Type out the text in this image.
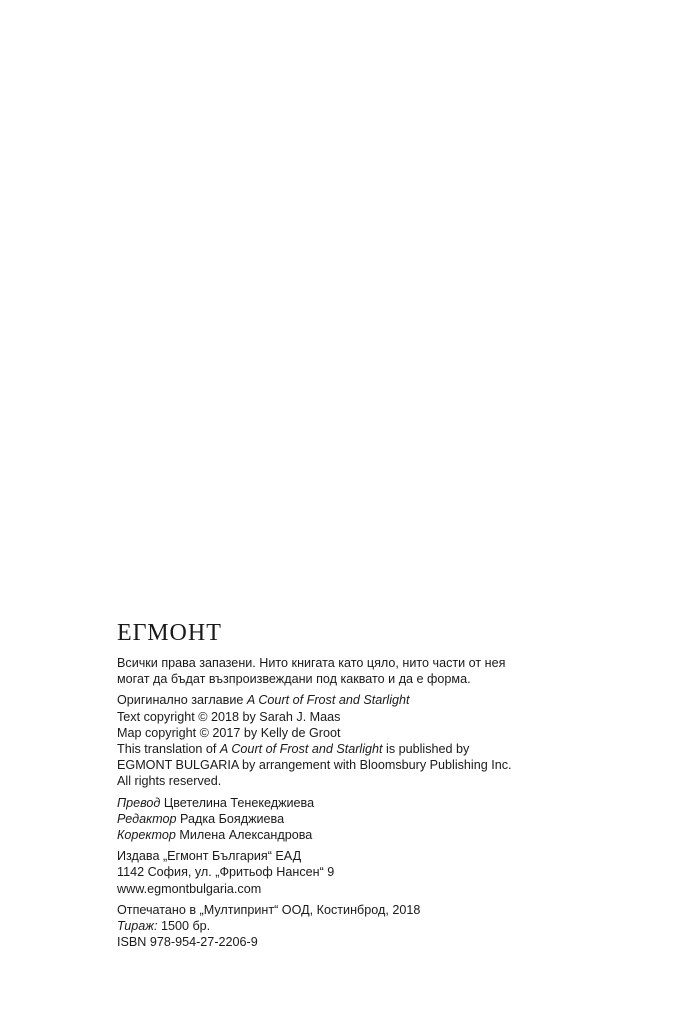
ЕГМОНТ
Всички права запазени. Нито книгата като цяло, нито части от нея
могат да бъдат възпроизвеждани под каквато и да е форма.
Оригинално заглавие A Court of Frost and Starlight
Text copyright © 2018 by Sarah J. Maas
Map copyright © 2017 by Kelly de Groot
This translation of A Court of Frost and Starlight is published by
EGMONT BULGARIA by arrangement with Bloomsbury Publishing Inc.
All rights reserved.
Превод Цветелина Тенекеджиева
Редактор Радка Бояджиева
Коректор Милена Александрова
Издава „Егмонт България“ ЕАД
1142 София, ул. „Фритьоф Нансен“ 9
www.egmontbulgaria.com
Отпечатано в „Мултипринт“ ООД, Костинброд, 2018
Тираж: 1500 бр.
ISBN 978-954-27-2206-9
